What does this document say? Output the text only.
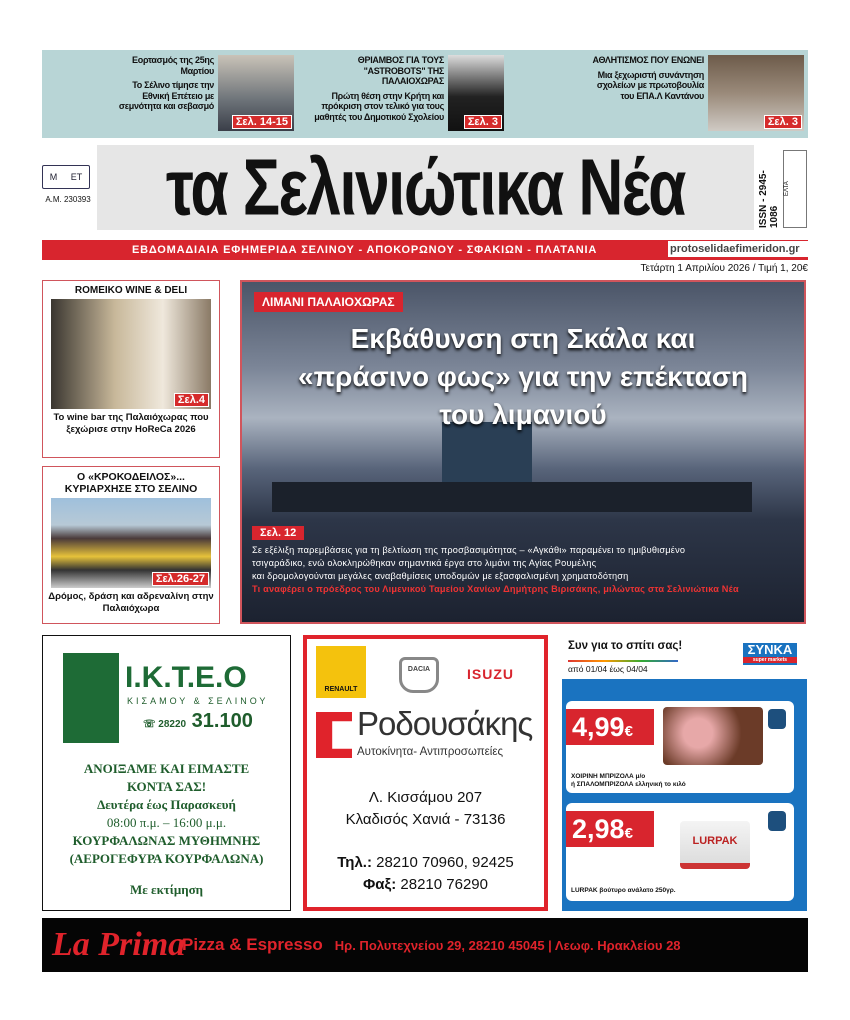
Εορτασμός της 25ης Μαρτίου
Το Σέλινο τίμησε την Εθνική Επέτειο με σεμνότητα και σεβασμό
Σελ. 14-15
ΘΡΙΑΜΒΟΣ ΓΙΑ ΤΟΥΣ "ASTROBOTS" ΤΗΣ ΠΑΛΑΙΟΧΩΡΑΣ
Πρώτη θέση στην Κρήτη και πρόκριση στον τελικό για τους μαθητές του Δημοτικού Σχολείου	Σελ. 3
ΑΘΛΗΤΙΣΜΟΣ ΠΟΥ ΕΝΩΝΕΙ
Μια ξεχωριστή συνάντηση σχολείων με πρωτοβουλία του ΕΠΑ.Λ Καντάνου
Σελ. 3
Μ ΕΤ
Α.Μ. 230393 τα Σελινιώτικα Νέα	ISSN - 2945-1086
ΕΛΤΑ
ΕΒΔΟΜΑΔΙΑΙΑ ΕΦΗΜΕΡΙΔΑ ΣΕΛΙΝΟΥ - ΑΠΟΚΟΡΩΝΟΥ - ΣΦΑΚΙΩΝ - ΠΛΑΤΑΝΙΑ	protoselidaefimeridon.gr
Τετάρτη 1 Απριλίου 2026 / Τιμή 1, 20€
ROMEIKO WINE & DELI
Σελ.4
Το wine bar της Παλαιόχωρας που ξεχώρισε στην HoReCa 2026
Ο «ΚΡΟΚΟΔΕΙΛΟΣ»... ΚΥΡΙΑΡΧΗΣΕ ΣΤΟ ΣΕΛΙΝΟ
Σελ.26-27
Δρόμος, δράση και αδρεναλίνη στην Παλαιόχωρα
ΛΙΜΑΝΙ ΠΑΛΑΙΟΧΩΡΑΣ
Εκβάθυνση στη Σκάλα και «πράσινο φως» για την επέκταση του λιμανιού
Σελ. 12
Σε εξέλιξη παρεμβάσεις για τη βελτίωση της προσβασιμότητας – «Αγκάθι» παραμένει το ημιβυθισμένο
τσιγαράδικο, ενώ ολοκληρώθηκαν σημαντικά έργα στο λιμάνι της Αγίας Ρουμέλης
και δρομολογούνται μεγάλες αναβαθμίσεις υποδομών με εξασφαλισμένη χρηματοδότηση
Τι αναφέρει ο πρόεδρος του Λιμενικού Ταμείου Χανίων Δημήτρης Βιρισάκης, μιλώντας στα Σελινιώτικα Νέα
Ι.Κ.Τ.Ε.Ο
ΚΙΣΑΜΟΥ & ΣΕΛΙΝΟΥ
☏ 28220 31.100
ΑΝΟΙΞΑΜΕ ΚΑΙ ΕΙΜΑΣΤΕ
ΚΟΝΤΑ ΣΑΣ!
Δευτέρα έως Παρασκευή
08:00 π.μ. – 16:00 μ.μ.
ΚΟΥΡΦΑΛΩΝΑΣ ΜΥΘΗΜΝΗΣ
(ΑΕΡΟΓΕΦΥΡΑ ΚΟΥΡΦΑΛΩΝΑ)
Με εκτίμηση
RENAULT
DACIA	ISUZU
Ροδουσάκης
Αυτοκίνητα- Αντιπροσωπείες
Λ. Κισσάμου 207
Κλαδισός Χανιά - 73136
Τηλ.: 28210 70960, 92425
Φαξ: 28210 76290
Συν για το σπίτι σας!
από 01/04 έως 04/04
ΣYNKA
super markets
4,99€
ΧΟΙΡΙΝΗ ΜΠΡΙΖΟΛΑ μ/ο
ή ΣΠΑΛΟΜΠΡΙΖΟΛΑ ελληνική το κιλό
2,98€	LURPAK
LURPAK βούτυρο ανάλατο 250γρ.
La Prima
Pizza & Espresso Ηρ. Πολυτεχνείου 29, 28210 45045 | Λεωφ. Ηρακλείου 28
